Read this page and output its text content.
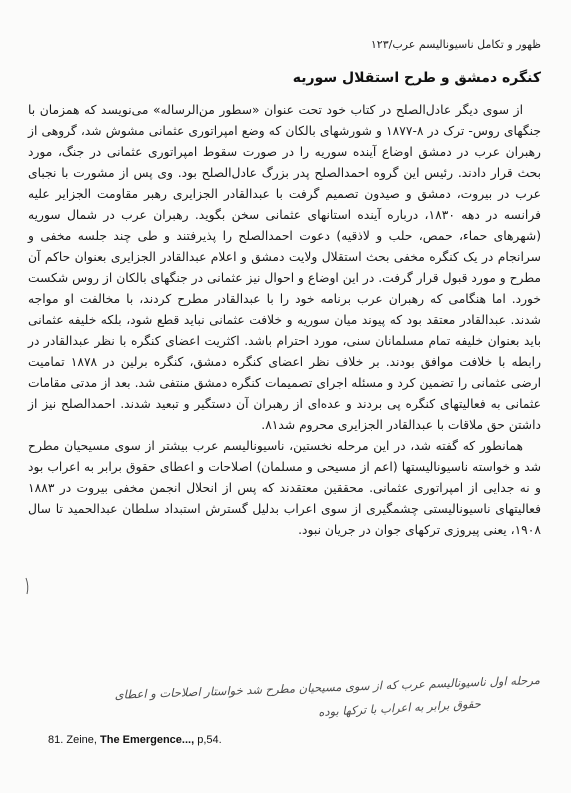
ظهور و تکامل ناسیونالیسم عرب/۱۲۳
کنگره دمشق و طرح استقلال سوریه

از سوی دیگر عادل‌الصلح در کتاب خود تحت عنوان «سطور من‌الرساله» می‌نویسد که همزمان با جنگهای روس- ترک در ۸-۱۸۷۷ و شورشهای بالکان که وضع امپراتوری عثمانی مشوش شد، گروهی از رهبران عرب در دمشق اوضاع آینده سوریه را در صورت سقوط امپراتوری عثمانی در جنگ، مورد بحث قرار دادند. رئیس این گروه احمدالصلح پدر بزرگ عادل‌الصلح بود. وی پس از مشورت با نجبای عرب در بیروت، دمشق و صیدون تصمیم گرفت با عبدالقادر الجزایری رهبر مقاومت الجزایر علیه فرانسه در دهه ۱۸۳۰، درباره آینده استانهای عثمانی سخن بگوید. رهبران عرب در شمال سوریه (شهرهای حماء، حمص، حلب و لاذقیه) دعوت احمدالصلح را پذیرفتند و طی چند جلسه مخفی و سرانجام در یک کنگره مخفی بحث استقلال ولایت دمشق و اعلام عبدالقادر الجزایری بعنوان حاکم آن مطرح و مورد قبول قرار گرفت. در این اوضاع و احوال نیز عثمانی در جنگهای بالکان از روس شکست خورد. اما هنگامی که رهبران عرب برنامه خود را با عبدالقادر مطرح کردند، با مخالفت او مواجه شدند. عبدالقادر معتقد بود که پیوند میان سوریه و خلافت عثمانی نباید قطع شود، بلکه خلیفه عثمانی باید بعنوان خلیفه تمام مسلمانان سنی، مورد احترام باشد. اکثریت اعضای کنگره با نظر عبدالقادر در رابطه با خلافت موافق بودند. بر خلاف نظر اعضای کنگره دمشق، کنگره برلین در ۱۸۷۸ تمامیت ارضی عثمانی را تضمین کرد و مسئله اجرای تصمیمات کنگره دمشق منتفی شد. بعد از مدتی مقامات عثمانی به فعالیتهای کنگره پی بردند و عده‌ای از رهبران آن دستگیر و تبعید شدند. احمدالصلح نیز از داشتن حق ملاقات با عبدالقادر الجزایری محروم شد۸۱.

همانطور که گفته شد، در این مرحله نخستین، ناسیونالیسم عرب بیشتر از سوی مسیحیان مطرح شد و خواسته ناسیونالیستها (اعم از مسیحی و مسلمان) اصلاحات و اعطای حقوق برابر به اعراب بود و نه جدایی از امپراتوری عثمانی. محققین معتقدند که پس از انحلال انجمن مخفی بیروت در ۱۸۸۳ فعالیتهای ناسیونالیستی چشمگیری از سوی اعراب بدلیل گسترش استبداد سلطان عبدالحمید تا سال ۱۹۰۸، یعنی پیروزی ترکهای جوان در جریان نبود.

مرحله اول ناسیونالیسم عرب که از سوی مسیحیان مطرح شد خواستار اصلاحات و اعطای
حقوق برابر به اعراب با ترکها بوده
81. Zeine, The Emergence..., p,54.
